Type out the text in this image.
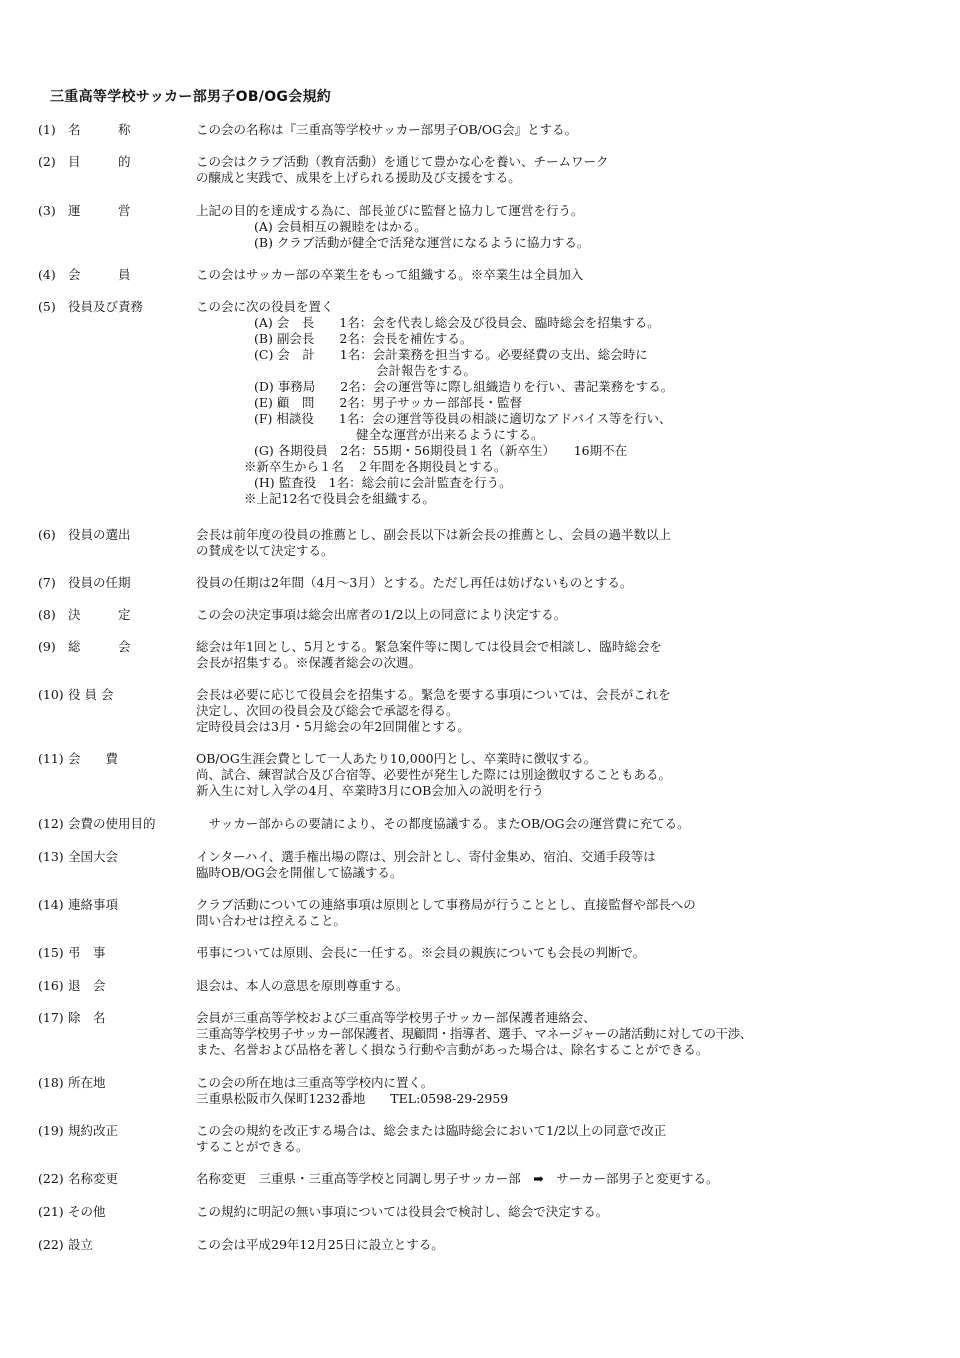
三重高等学校サッカー部男子OB/OG会規約
(1) 名　　　称	この会の名称は『三重高等学校サッカー部男子OB/OG会』とする。
(2) 目　　　的	この会はクラブ活動（教育活動）を通じて豊かな心を養い、チームワーク
の醸成と実践で、成果を上げられる援助及び支援をする。
(3) 運　　　営	上記の目的を達成する為に、部長並びに監督と協力して運営を行う。
(A) 会員相互の親睦をはかる。
(B) クラブ活動が健全で活発な運営になるように協力する。
(4) 会　　　員	この会はサッカー部の卒業生をもって組織する。※卒業生は全員加入
(5) 役員及び責務	この会に次の役員を置く
(A) 会　長　　1名：会を代表し総会及び役員会、臨時総会を招集する。
(B) 副会長　　2名：会長を補佐する。
(C) 会　計　　1名：会計業務を担当する。必要経費の支出、総会時に
会計報告をする。
(D) 事務局　　2名：会の運営等に際し組織造りを行い、書記業務をする。
(E) 顧　問　　2名：男子サッカー部部長・監督
(F) 相談役　　1名：会の運営等役員の相談に適切なアドバイス等を行い、
健全な運営が出来るようにする。
(G) 各期役員　2名：55期・56期役員１名（新卒生）　　16期不在
※新卒生から１名　２年間を各期役員とする。
(H) 監査役　1名：総会前に会計監査を行う。
※上記12名で役員会を組織する。
(6) 役員の選出	会長は前年度の役員の推薦とし、副会長以下は新会長の推薦とし、会員の過半数以上
の賛成を以て決定する。
(7) 役員の任期	役員の任期は2年間（4月～3月）とする。ただし再任は妨げないものとする。
(8) 決　　　定	この会の決定事項は総会出席者の1/2以上の同意により決定する。
(9) 総　　　会	総会は年1回とし、5月とする。緊急案件等に関しては役員会で相談し、臨時総会を
会長が招集する。※保護者総会の次週。
(10) 役 員 会	会長は必要に応じて役員会を招集する。緊急を要する事項については、会長がこれを
決定し、次回の役員会及び総会で承認を得る。
定時役員会は3月・5月総会の年2回開催とする。
(11) 会　　費	OB/OG生涯会費として一人あたり10,000円とし、卒業時に徴収する。
尚、試合、練習試合及び合宿等、必要性が発生した際には別途徴収することもある。
新入生に対し入学の4月、卒業時3月にOB会加入の説明を行う
(12) 会費の使用目的	　サッカー部からの要請により、その都度協議する。またOB/OG会の運営費に充てる。
(13) 全国大会	インターハイ、選手権出場の際は、別会計とし、寄付金集め、宿泊、交通手段等は
臨時OB/OG会を開催して協議する。
(14) 連絡事項	クラブ活動についての連絡事項は原則として事務局が行うこととし、直接監督や部長への
問い合わせは控えること。
(15) 弔　事	弔事については原則、会長に一任する。※会員の親族についても会長の判断で。
(16) 退　会	退会は、本人の意思を原則尊重する。
(17) 除　名	会員が三重高等学校および三重高等学校男子サッカー部保護者連絡会、
三重高等学校男子サッカー部保護者、現顧問・指導者、選手、マネージャーの諸活動に対しての干渉、
また、名誉および品格を著しく損なう行動や言動があった場合は、除名することができる。
(18) 所在地	この会の所在地は三重高等学校内に置く。
三重県松阪市久保町1232番地　　TEL:0598-29-2959
(19) 規約改正	この会の規約を改正する場合は、総会または臨時総会において1/2以上の同意で改正
することができる。
(22) 名称変更	名称変更　三重県・三重高等学校と同調し男子サッカー部　➡　サーカー部男子と変更する。
(21) その他	この規約に明記の無い事項については役員会で検討し、総会で決定する。
(22) 設立	この会は平成29年12月25日に設立とする。
